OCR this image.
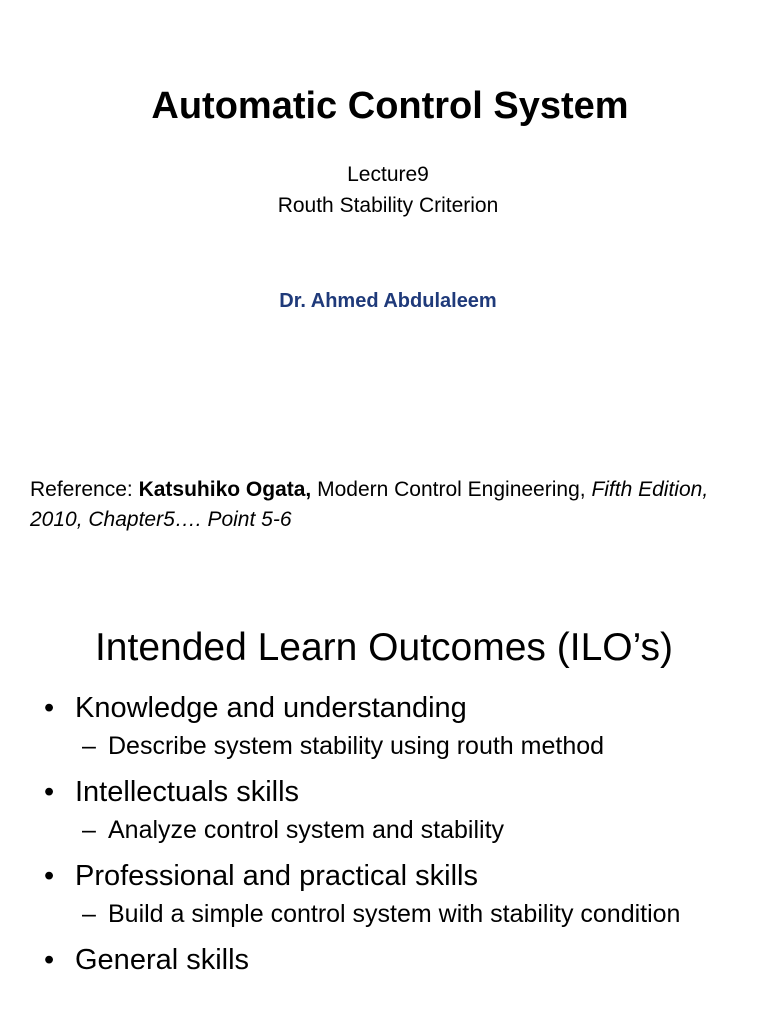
Automatic Control System
Lecture9
Routh Stability Criterion
Dr. Ahmed Abdulaleem
Reference: Katsuhiko Ogata, Modern Control Engineering, Fifth Edition, 2010, Chapter5…. Point 5-6
Intended Learn Outcomes (ILO’s)
• Knowledge and understanding
– Describe system stability using routh method
• Intellectuals skills
– Analyze control system and stability
• Professional and practical skills
– Build a simple control system with stability condition
• General skills
